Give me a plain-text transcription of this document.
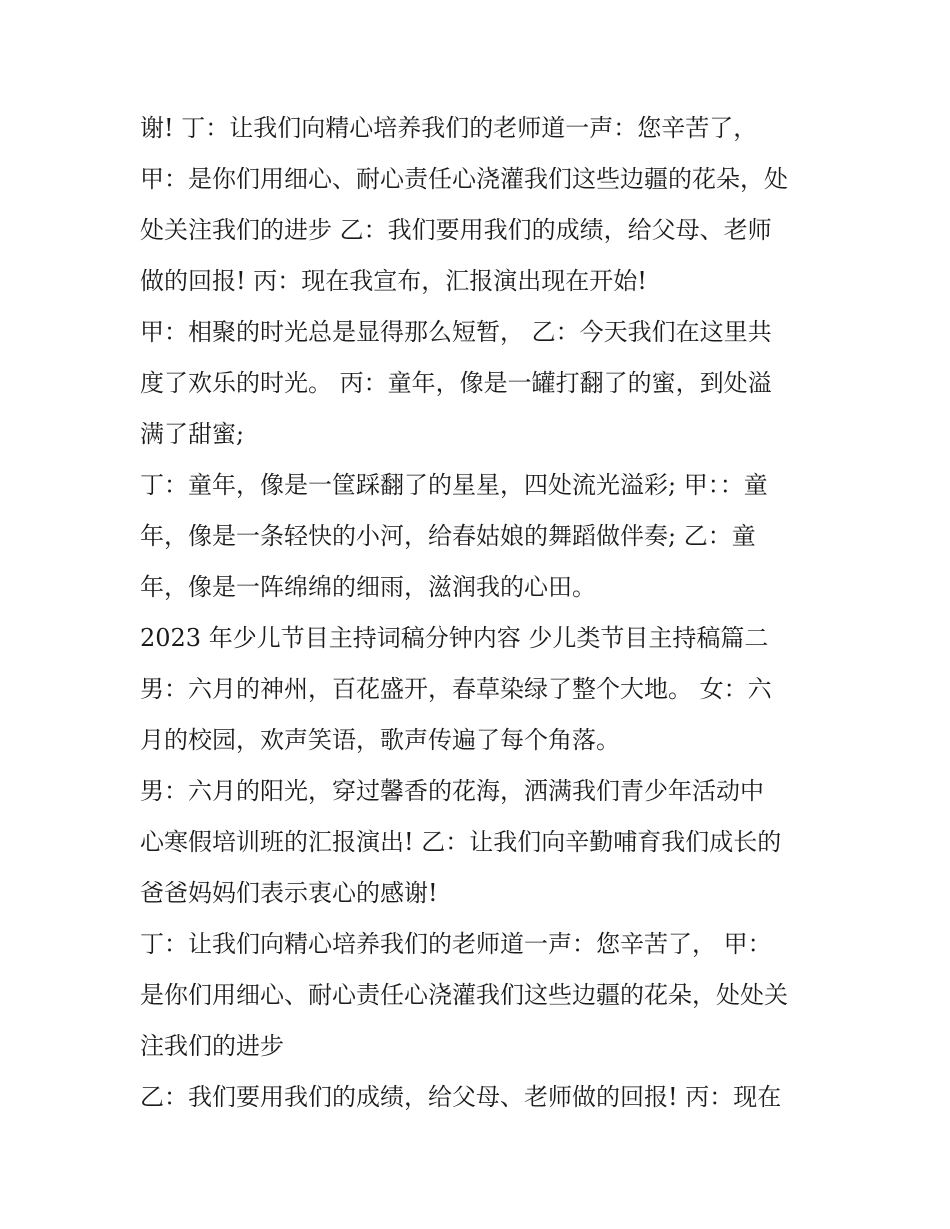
谢! 丁：让我们向精心培养我们的老师道一声：您辛苦了，
甲：是你们用细心、耐心责任心浇灌我们这些边疆的花朵，处
处关注我们的进步 乙：我们要用我们的成绩，给父母、老师
做的回报! 丙：现在我宣布，汇报演出现在开始!
甲：相聚的时光总是显得那么短暂， 乙：今天我们在这里共
度了欢乐的时光。 丙：童年，像是一罐打翻了的蜜，到处溢
满了甜蜜;
丁：童年，像是一筐踩翻了的星星，四处流光溢彩; 甲：：童
年，像是一条轻快的小河，给春姑娘的舞蹈做伴奏; 乙：童
年，像是一阵绵绵的细雨，滋润我的心田。
2023 年少儿节目主持词稿分钟内容 少儿类节目主持稿篇二
男：六月的神州，百花盛开，春草染绿了整个大地。 女：六
月的校园，欢声笑语，歌声传遍了每个角落。
男：六月的阳光，穿过馨香的花海，洒满我们青少年活动中
心寒假培训班的汇报演出! 乙：让我们向辛勤哺育我们成长的
爸爸妈妈们表示衷心的感谢!
丁：让我们向精心培养我们的老师道一声：您辛苦了， 甲：
是你们用细心、耐心责任心浇灌我们这些边疆的花朵，处处关
注我们的进步
乙：我们要用我们的成绩，给父母、老师做的回报! 丙：现在
